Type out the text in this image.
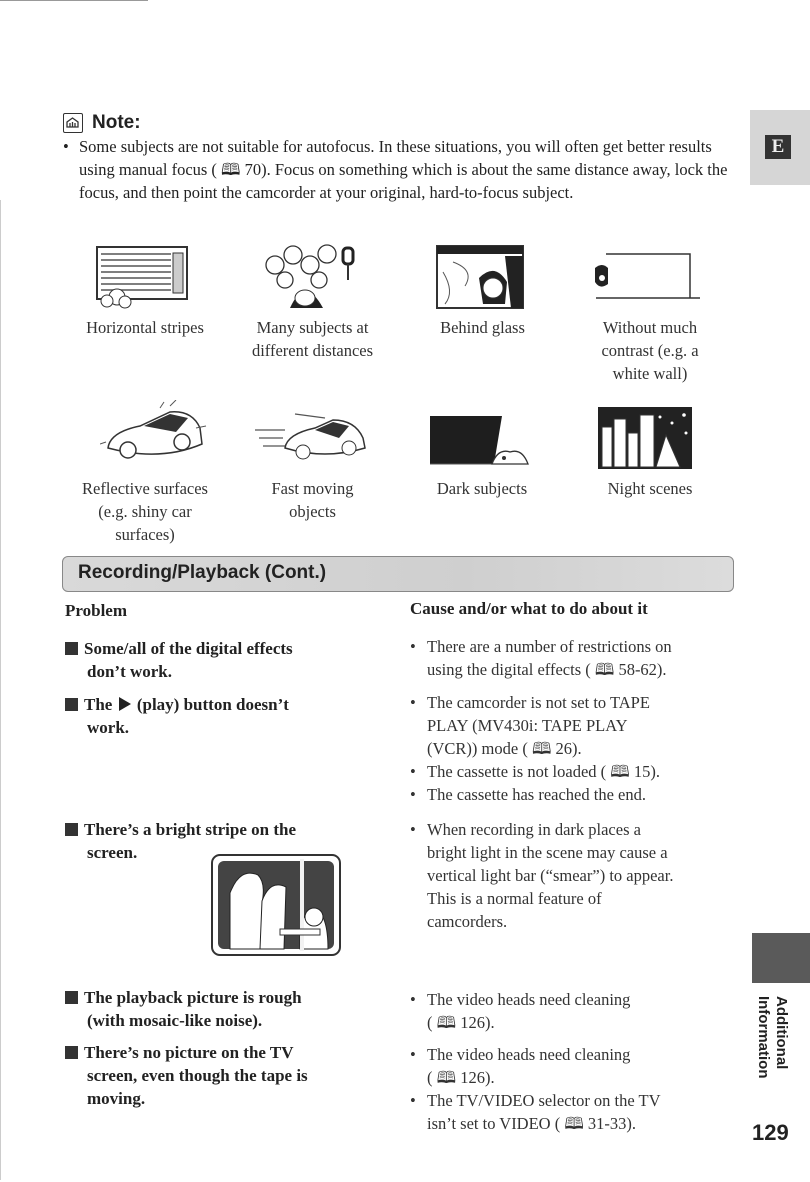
E
Note:
• Some subjects are not suitable for autofocus. In these situations, you will often get better results using manual focus ( 🕮 70). Focus on something which is about the same distance away, lock the focus, and then point the camcorder at your original, hard-to-focus subject.
Horizontal stripes	Many subjects at
different distances
Behind glass	Without much
contrast (e.g. a
white wall)
Reflective surfaces
(e.g. shiny car
surfaces)
Fast moving
objects
Dark subjects	Night scenes
Recording/Playback (Cont.)
Problem	Cause and/or what to do about it
Some/all of the digital effects
don’t work.
• There are a number of restrictions on
using the digital effects ( 🕮 58-62).
The (play) button doesn’t
work.
• The camcorder is not set to TAPE
PLAY (MV430i: TAPE PLAY
(VCR)) mode ( 🕮 26).
• The cassette is not loaded ( 🕮 15).
• The cassette has reached the end.
There’s a bright stripe on the
screen.
• When recording in dark places a
bright light in the scene may cause a
vertical light bar (“smear”) to appear.
This is a normal feature of
camcorders.
The playback picture is rough
(with mosaic-like noise).
• The video heads need cleaning
( 🕮 126).
There’s no picture on the TV
screen, even though the tape is
moving.
• The video heads need cleaning
( 🕮 126).
• The TV/VIDEO selector on the TV
isn’t set to VIDEO ( 🕮 31-33).
Additional
Information
129
